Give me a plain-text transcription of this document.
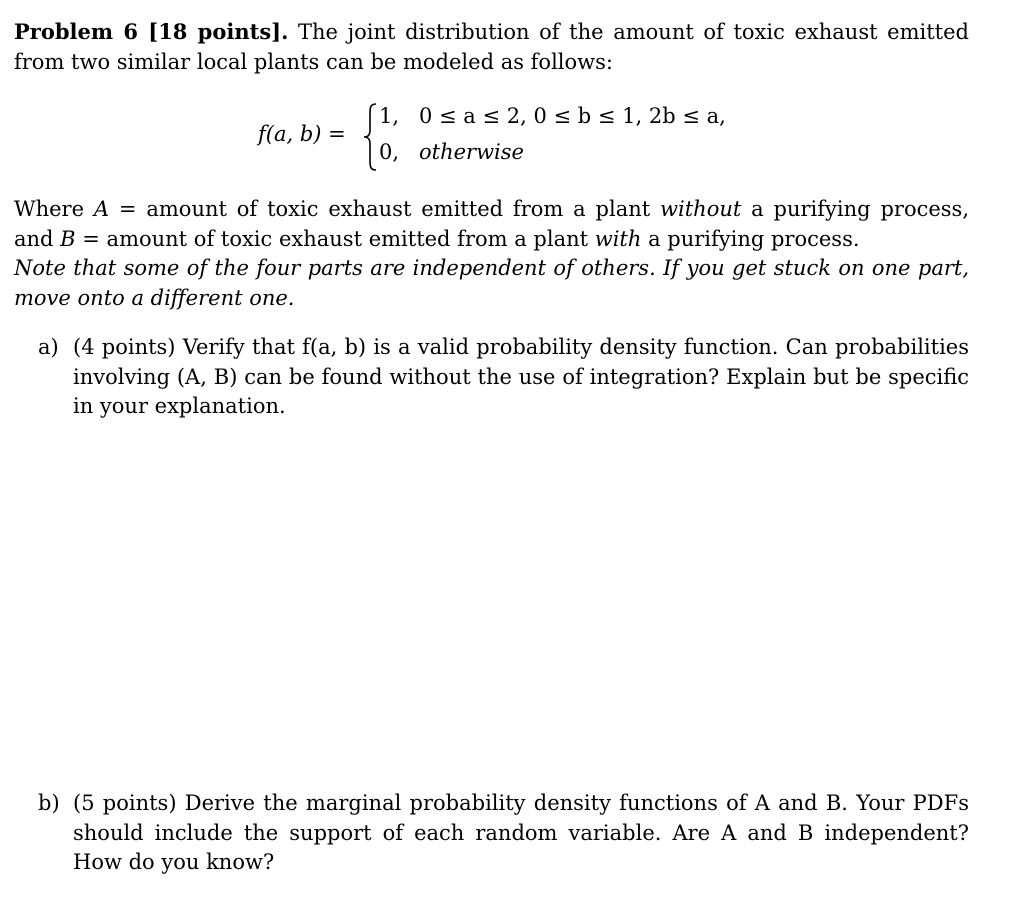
Problem 6 [18 points]. The joint distribution of the amount of toxic exhaust emitted from two similar local plants can be modeled as follows:
f(a, b) =
1, 0 ≤ a ≤ 2, 0 ≤ b ≤ 1, 2b ≤ a,
0, otherwise
Where A = amount of toxic exhaust emitted from a plant without a purifying process, and B = amount of toxic exhaust emitted from a plant with a purifying process.
Note that some of the four parts are independent of others. If you get stuck on one part, move onto a different one.
a) (4 points) Verify that f(a, b) is a valid probability density function. Can probabilities involving (A, B) can be found without the use of integration? Explain but be specific in your explanation.
b) (5 points) Derive the marginal probability density functions of A and B. Your PDFs should include the support of each random variable. Are A and B independent? How do you know?
